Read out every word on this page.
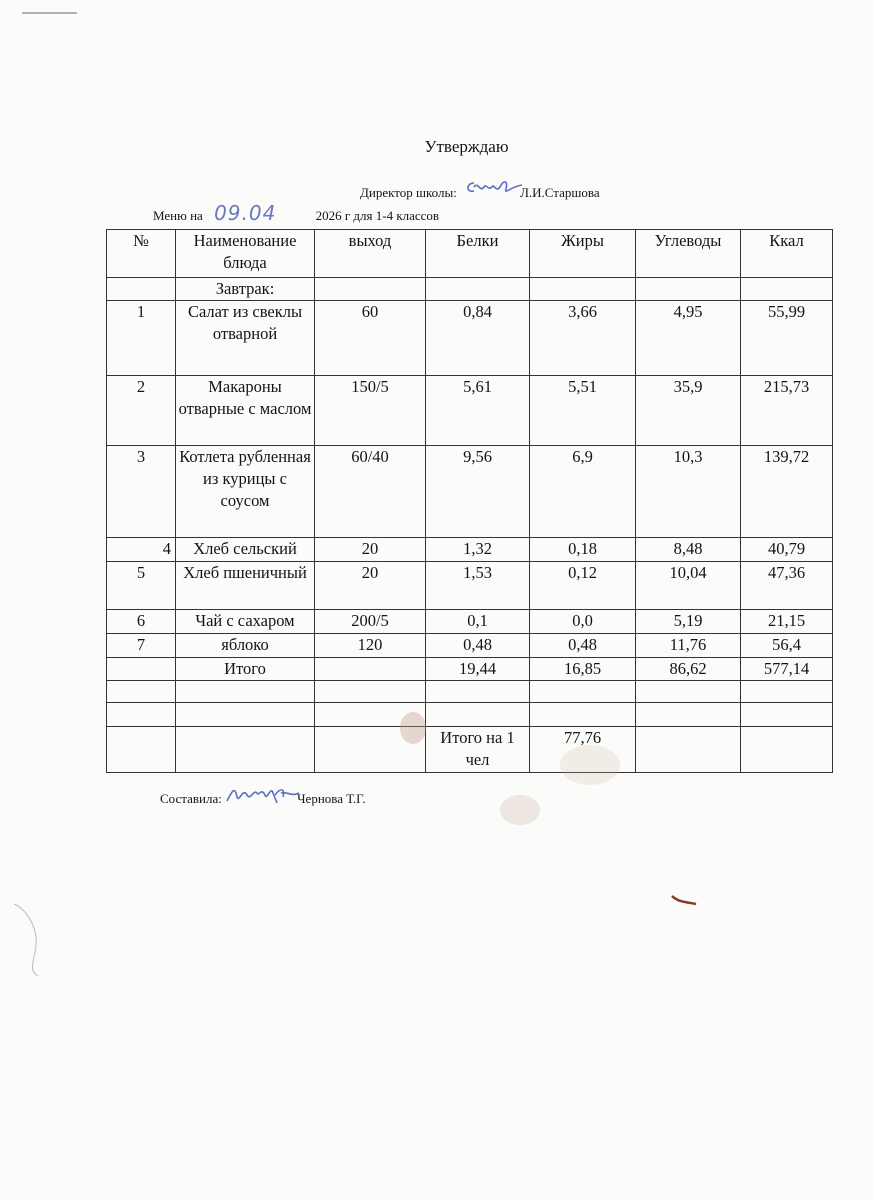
Утверждаю
Директор школы:	Л.И.Старшова
Меню на 09.04	2026 г для 1-4 классов
№	Наименование блюда	выход	Белки	Жиры	Углеводы	Ккал
	Завтрак:					
1	Салат из свеклы отварной	60	0,84	3,66	4,95	55,99
2	Макароны отварные с маслом	150/5	5,61	5,51	35,9	215,73
3	Котлета рубленная из курицы с соусом	60/40	9,56	6,9	10,3	139,72
4	Хлеб сельский	20	1,32	0,18	8,48	40,79
5	Хлеб пшеничный	20	1,53	0,12	10,04	47,36
6	Чай с сахаром	200/5	0,1	0,0	5,19	21,15
7	яблоко	120	0,48	0,48	11,76	56,4
	Итого		19,44	16,85	86,62	577,14

			Итого на 1 чел	77,76		
Составила:	Чернова Т.Г.
